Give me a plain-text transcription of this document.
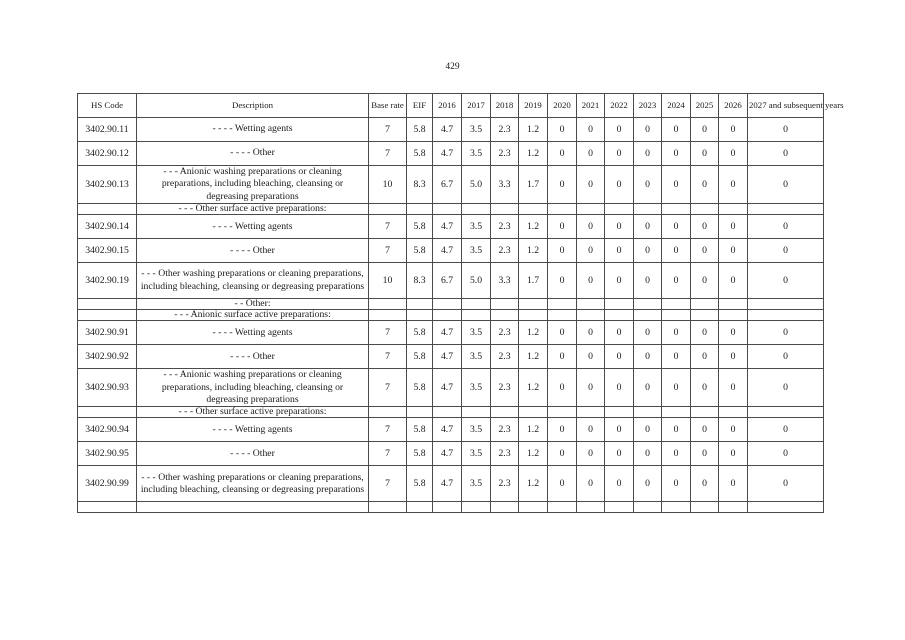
429
HS Code	Description	Base rate	EIF	2016	2017	2018	2019	2020	2021	2022	2023	2024	2025	2026	2027 and subsequent years
3402.90.11	- - - - Wetting agents	7	5.8	4.7	3.5	2.3	1.2	0	0	0	0	0	0	0	0
3402.90.12	- - - - Other	7	5.8	4.7	3.5	2.3	1.2	0	0	0	0	0	0	0	0
3402.90.13	- - - Anionic washing preparations or cleaning
preparations, including bleaching, cleansing or
degreasing preparations	10	8.3	6.7	5.0	3.3	1.7	0	0	0	0	0	0	0	0

	- - - Other surface active preparations:														

3402.90.14	- - - - Wetting agents	7	5.8	4.7	3.5	2.3	1.2	0	0	0	0	0	0	0	0
3402.90.15	- - - - Other	7	5.8	4.7	3.5	2.3	1.2	0	0	0	0	0	0	0	0
3402.90.19	- - - Other washing preparations or cleaning preparations,
including bleaching, cleansing or degreasing preparations	10	8.3	6.7	5.0	3.3	1.7	0	0	0	0	0	0	0	0

	- - Other:														

	- - - Anionic surface active preparations:														

3402.90.91	- - - - Wetting agents	7	5.8	4.7	3.5	2.3	1.2	0	0	0	0	0	0	0	0
3402.90.92	- - - - Other	7	5.8	4.7	3.5	2.3	1.2	0	0	0	0	0	0	0	0
3402.90.93	- - - Anionic washing preparations or cleaning
preparations, including bleaching, cleansing or
degreasing preparations	7	5.8	4.7	3.5	2.3	1.2	0	0	0	0	0	0	0	0

	- - - Other surface active preparations:														

3402.90.94	- - - - Wetting agents	7	5.8	4.7	3.5	2.3	1.2	0	0	0	0	0	0	0	0
3402.90.95	- - - - Other	7	5.8	4.7	3.5	2.3	1.2	0	0	0	0	0	0	0	0
3402.90.99	- - - Other washing preparations or cleaning preparations,
including bleaching, cleansing or degreasing preparations	7	5.8	4.7	3.5	2.3	1.2	0	0	0	0	0	0	0	0
